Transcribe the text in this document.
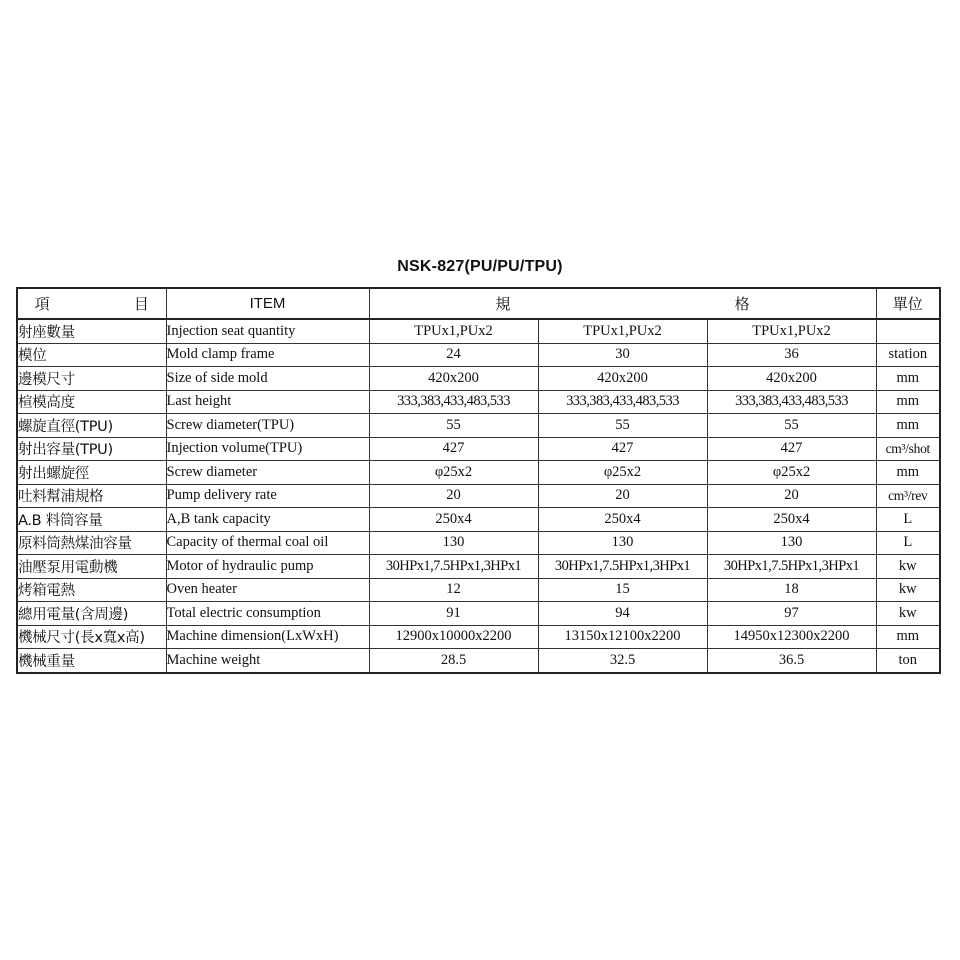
NSK-827(PU/PU/TPU)
項 目	ITEM	規 格			單位
射座數量	Injection seat quantity	TPUx1,PUx2	TPUx1,PUx2	TPUx1,PUx2	
模位	Mold clamp frame	24	30	36	station
邊模尺寸	Size of side mold	420x200	420x200	420x200	mm
楦模高度	Last height	333,383,433,483,533	333,383,433,483,533	333,383,433,483,533	mm
螺旋直徑(TPU)	Screw diameter(TPU)	55	55	55	mm
射出容量(TPU)	Injection volume(TPU)	427	427	427	cm³/shot
射出螺旋徑	Screw diameter	φ25x2	φ25x2	φ25x2	mm
吐料幫浦規格	Pump delivery rate	20	20	20	cm³/rev
A.B 料筒容量	A,B tank capacity	250x4	250x4	250x4	L
原料筒熱煤油容量	Capacity of thermal coal oil	130	130	130	L
油壓泵用電動機	Motor of hydraulic pump	30HPx1,7.5HPx1,3HPx1	30HPx1,7.5HPx1,3HPx1	30HPx1,7.5HPx1,3HPx1	kw
烤箱電熱	Oven heater	12	15	18	kw
總用電量(含周邊)	Total electric consumption	91	94	97	kw
機械尺寸(長x寬x高)	Machine dimension(LxWxH)	12900x10000x2200	13150x12100x2200	14950x12300x2200	mm
機械重量	Machine weight	28.5	32.5	36.5	ton
